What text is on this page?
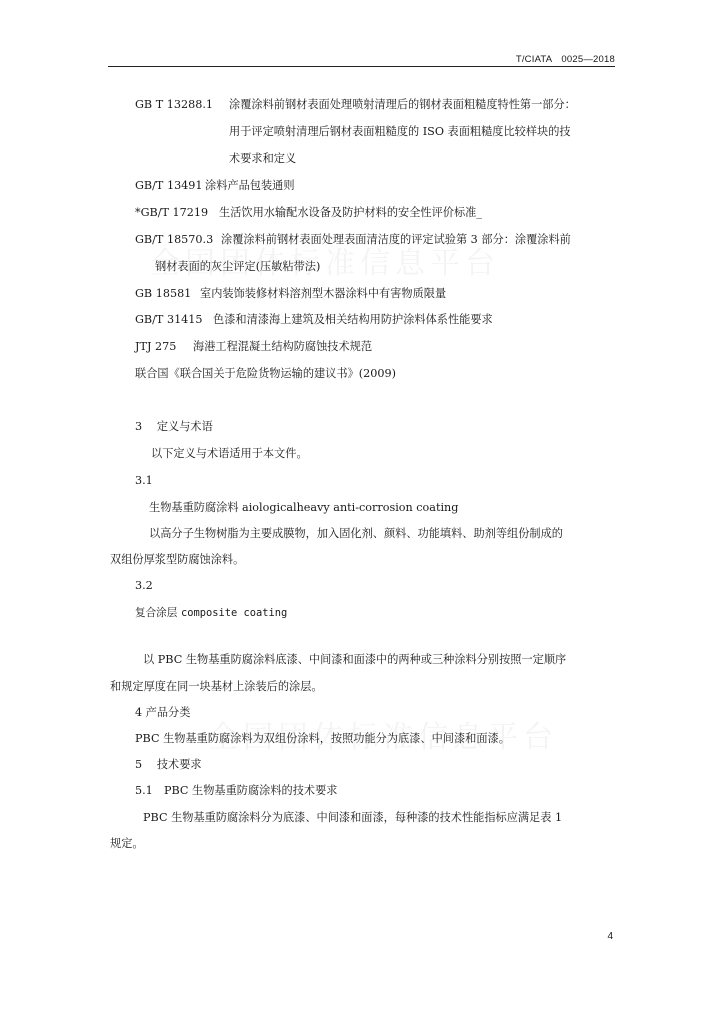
T/CIATA　0025—2018
GB T 13288.1 涂覆涂料前钢材表面处理喷射清理后的钢材表面粗糙度特性第一部分：
用于评定喷射清理后钢材表面粗糙度的 ISO 表面粗糙度比较样块的技
术要求和定义
GB/T 13491 涂料产品包装通则
*GB/T 17219 生活饮用水输配水设备及防护材料的安全性评价标准_
GB/T 18570.3 涂覆涂料前钢材表面处理表面清洁度的评定试验第 3 部分：涂覆涂料前
钢材表面的灰尘评定(压敏粘带法)
GB 18581 室内装饰装修材料溶剂型木器涂料中有害物质限量
GB/T 31415 色漆和清漆海上建筑及相关结构用防护涂料体系性能要求
JTJ 275 海港工程混凝土结构防腐蚀技术规范
联合国《联合国关于危险货物运输的建议书》(2009)
3　 定义与术语
以下定义与术语适用于本文件。
3.1
生物基重防腐涂料 aiologicalheavy anti-corrosion coating
以高分子生物树脂为主要成膜物，加入固化剂、颜料、功能填料、助剂等组份制成的
双组份厚浆型防腐蚀涂料。
3.2
复合涂层 composite coating
以 PBC 生物基重防腐涂料底漆、中间漆和面漆中的两种或三种涂料分别按照一定顺序
和规定厚度在同一块基材上涂装后的涂层。
4 产品分类
PBC 生物基重防腐涂料为双组份涂料，按照功能分为底漆、中间漆和面漆。
5　 技术要求
5.1　PBC 生物基重防腐涂料的技术要求
PBC 生物基重防腐涂料分为底漆、中间漆和面漆，每种漆的技术性能指标应满足表 1
规定。
4
